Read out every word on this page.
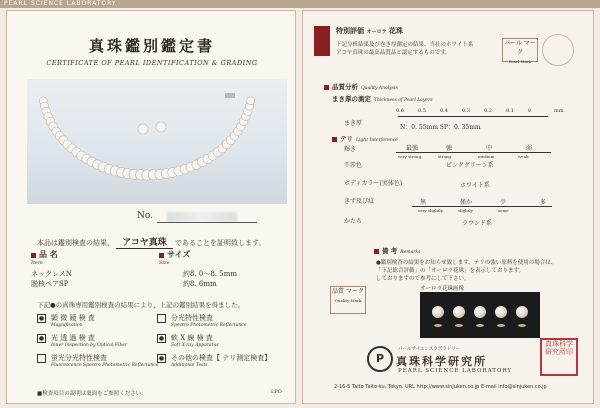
PEARL SCIENCE LABORATORY
真珠鑑別鑑定書
CERTIFICATE OF PEARL IDENTIFICATION & GRADING
No.
本品は鑑別検査の結果、 アコヤ真珠 であることを証明致します。
品 名
Item
ネックレスN
脱核ペアSP
サイズ
Size
約8. 0～8. 5mm
約8. 6mm
下記●の真珠専用鑑別検査の結果により、上記の鑑別結果を得ました。
● 顕 微 鏡 検 査
Magnification
分光特性検査
Spectro Photometric Reflectance
● 光 透 過 検 査
Inner Inspection by Optical Fiber
● 軟 X 線 検 査
Soft X-ray Apparatus
蛍光分光特性検査
Fluorescence Spectro Photometric Reflectance
● その他の検査【 テリ測定検査】
Additional Tests
■検査項目の説明は裏面をご参照ください。	LPO
特別評価 オーロラ 花珠
下記分析結果及び巻き厚測定の結果、当社のホワイト系
アコヤ真珠の最高品質品と認定するものです。
パール マーク
Pearl Mark
品質分析 Quality Analysis
まき厚の測定 Thickness of Pearl Layers
0.6	0.5	0.4	0.3	0.2	0.1	0	mm
まき厚
N：0. 55mm SP：0. 35mm
テリ Light Interference
輝き	最強	強	中	弱
very strong	strong	medium	weak
干渉色	ピンクグリーン系
ボディカラー(実体色)	ホワイト系
きず及び紋	無	僅か	少	多
very slightly	slightly	some
かたち	ラウンド系
備 考 Remarks
●鑑別検査の結果をお知らせ致します。テリの強い原料を使用の場合は、
「下記総合評価」の「オーロラ花珠」を表示しております。
しておりますので参考にして下さい。
オーロラ花珠画像
品質 マーク
Quality Mark
P
パールサイエンスラボラトリー
真珠科学研究所
PEARL SCIENCE LABORATORY
真珠科学研究所印
2-16-5 Taito Taito-ku, Tokyo. URL http://www.sinjuken.co.jp E-mail info@sinjuken.co.jp
